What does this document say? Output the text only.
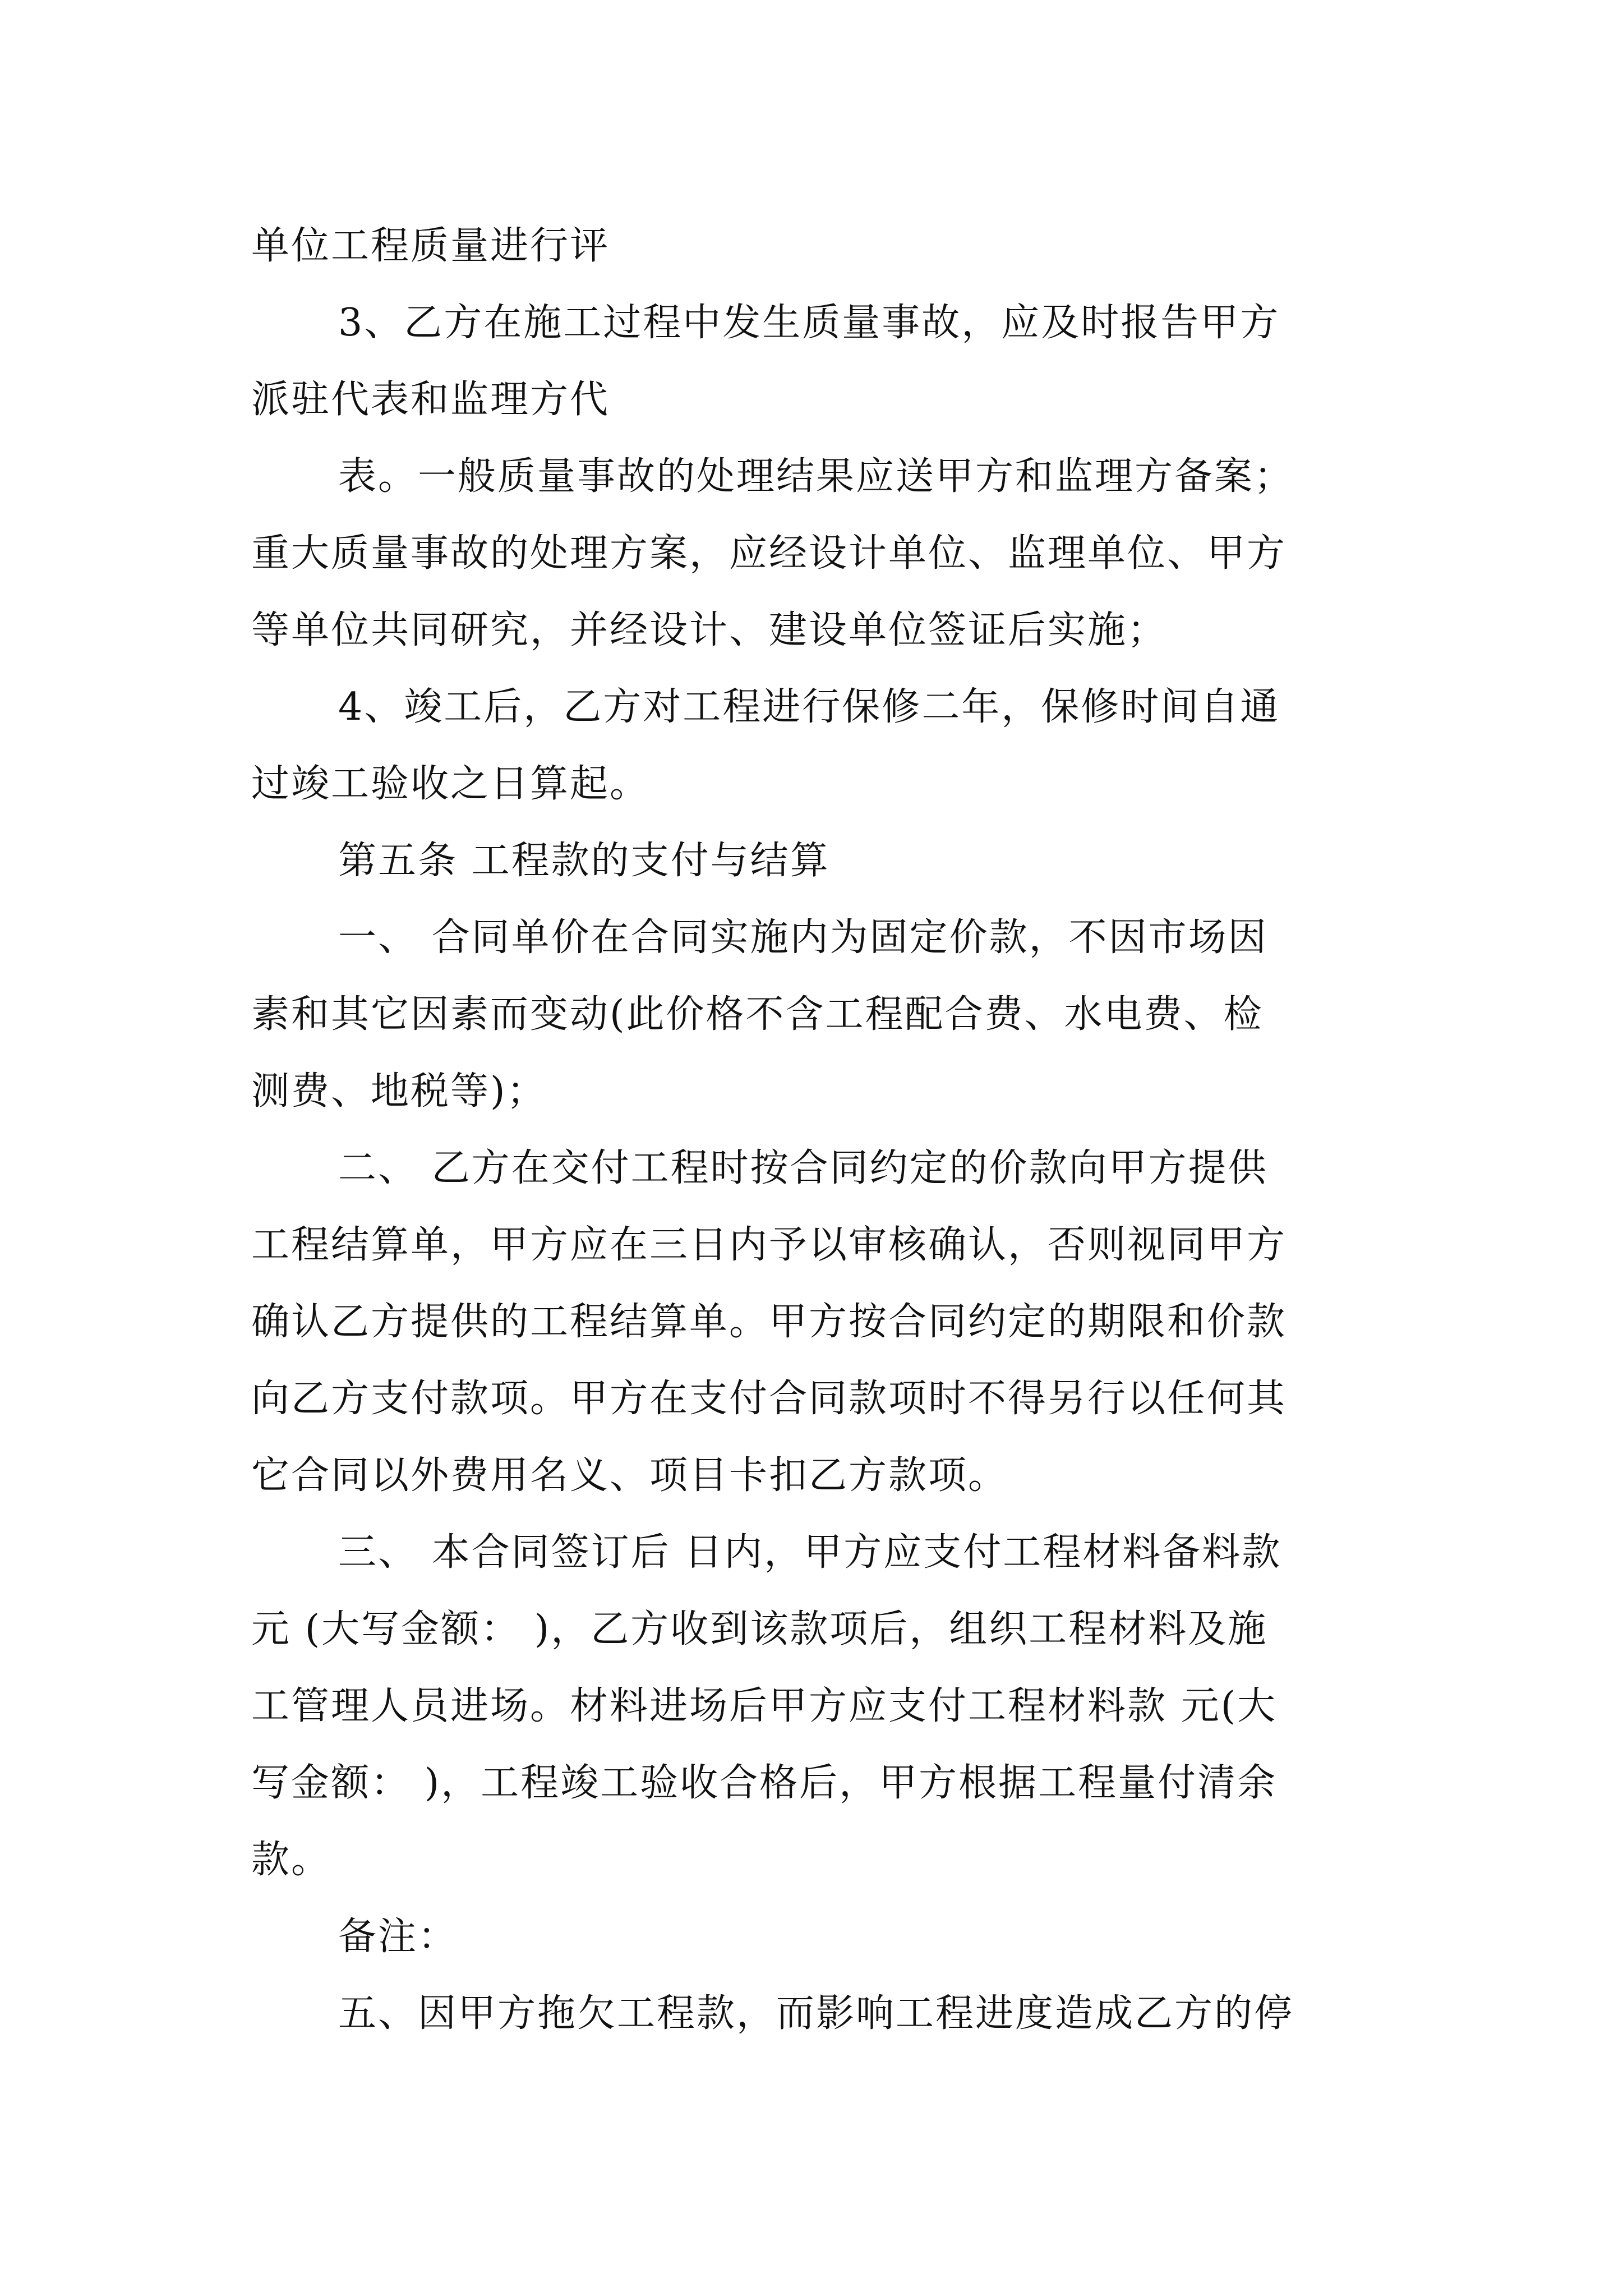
单位工程质量进行评
3、乙方在施工过程中发生质量事故，应及时报告甲方
派驻代表和监理方代
表。一般质量事故的处理结果应送甲方和监理方备案；
重大质量事故的处理方案，应经设计单位、监理单位、甲方
等单位共同研究，并经设计、建设单位签证后实施；
4、竣工后，乙方对工程进行保修二年，保修时间自通
过竣工验收之日算起。
第五条 工程款的支付与结算
一、 合同单价在合同实施内为固定价款，不因市场因
素和其它因素而变动(此价格不含工程配合费、水电费、检
测费、地税等)；
二、 乙方在交付工程时按合同约定的价款向甲方提供
工程结算单，甲方应在三日内予以审核确认，否则视同甲方
确认乙方提供的工程结算单。甲方按合同约定的期限和价款
向乙方支付款项。甲方在支付合同款项时不得另行以任何其
它合同以外费用名义、项目卡扣乙方款项。
三、 本合同签订后 日内，甲方应支付工程材料备料款
元 (大写金额： )，乙方收到该款项后，组织工程材料及施
工管理人员进场。材料进场后甲方应支付工程材料款 元(大
写金额： )，工程竣工验收合格后，甲方根据工程量付清余
款。
备注：
五、因甲方拖欠工程款，而影响工程进度造成乙方的停
